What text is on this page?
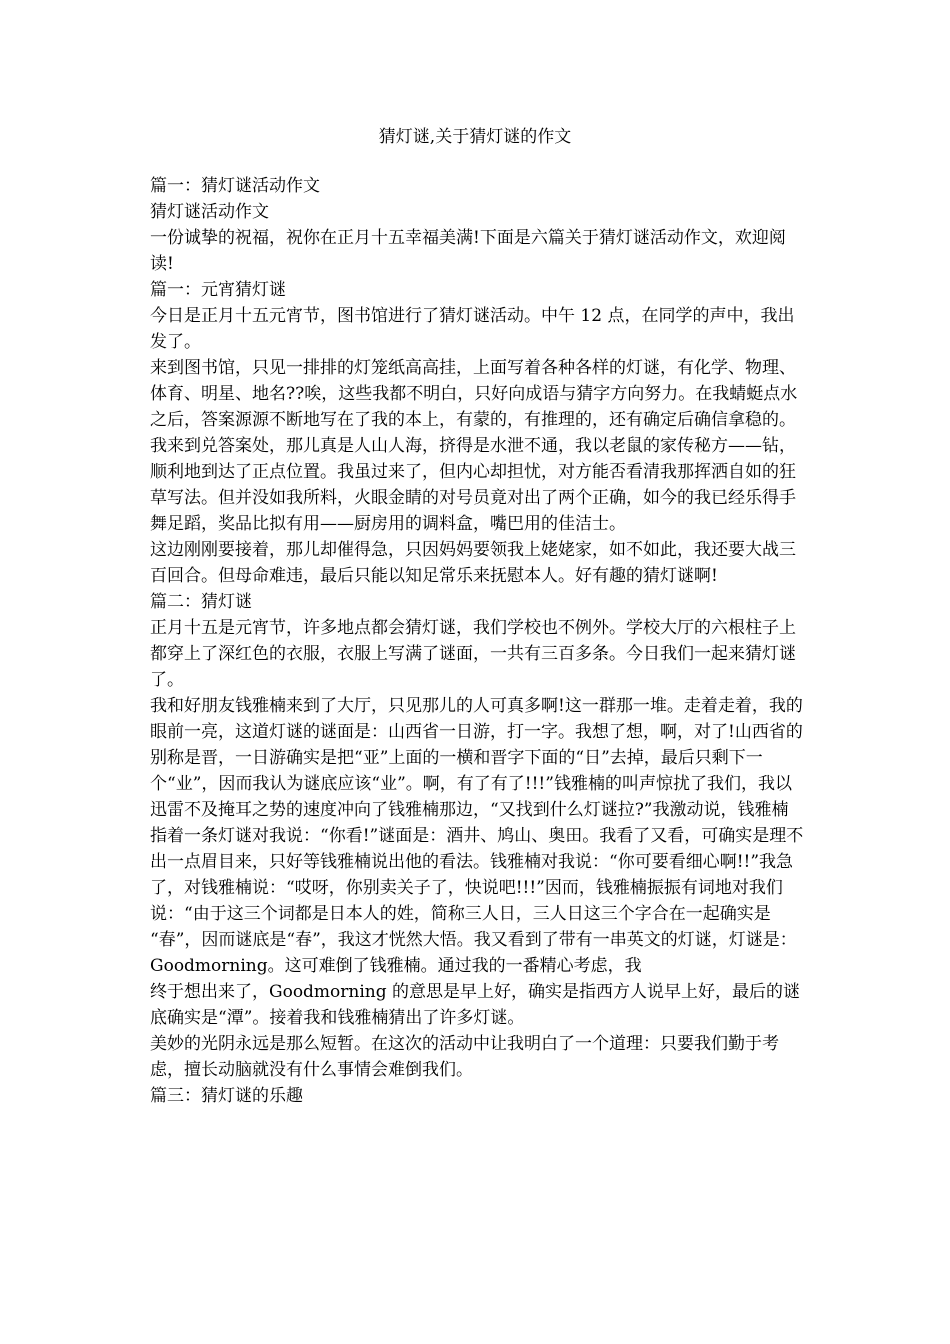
猜灯谜,关于猜灯谜的作文

篇一：猜灯谜活动作文

猜灯谜活动作文

一份诚挚的祝福，祝你在正月十五幸福美满!下面是六篇关于猜灯谜活动作文，欢迎阅读!

篇一：元宵猜灯谜

今日是正月十五元宵节，图书馆进行了猜灯谜活动。中午 12 点，在同学的声中，我出发了。

来到图书馆，只见一排排的灯笼纸高高挂，上面写着各种各样的灯谜，有化学、物理、体育、明星、地名??唉，这些我都不明白，只好向成语与猜字方向努力。在我蜻蜓点水之后，答案源源不断地写在了我的本上，有蒙的，有推理的，还有确定后确信拿稳的。

我来到兑答案处，那儿真是人山人海，挤得是水泄不通，我以老鼠的家传秘方——钻，顺利地到达了正点位置。我虽过来了，但内心却担忧，对方能否看清我那挥洒自如的狂草写法。但并没如我所料，火眼金睛的对号员竟对出了两个正确，如今的我已经乐得手舞足蹈，奖品比拟有用——厨房用的调料盒，嘴巴用的佳洁士。

这边刚刚要接着，那儿却催得急，只因妈妈要领我上姥姥家，如不如此，我还要大战三百回合。但母命难违，最后只能以知足常乐来抚慰本人。好有趣的猜灯谜啊!

篇二：猜灯谜

正月十五是元宵节，许多地点都会猜灯谜，我们学校也不例外。学校大厅的六根柱子上都穿上了深红色的衣服，衣服上写满了谜面，一共有三百多条。今日我们一起来猜灯谜了。

我和好朋友钱雅楠来到了大厅，只见那儿的人可真多啊!这一群那一堆。走着走着，我的眼前一亮，这道灯谜的谜面是：山西省一日游，打一字。我想了想，啊，对了!山西省的别称是晋，一日游确实是把“亚”上面的一横和晋字下面的“日”去掉，最后只剩下一个“业”，因而我认为谜底应该“业”。啊，有了有了!!!”钱雅楠的叫声惊扰了我们，我以迅雷不及掩耳之势的速度冲向了钱雅楠那边，“又找到什么灯谜拉?”我激动说，钱雅楠指着一条灯谜对我说：“你看!”谜面是：酒井、鸠山、奥田。我看了又看，可确实是理不出一点眉目来，只好等钱雅楠说出他的看法。钱雅楠对我说：“你可要看细心啊!!”我急了，对钱雅楠说：“哎呀，你别卖关子了，快说吧!!!”因而，钱雅楠振振有词地对我们说：“由于这三个词都是日本人的姓，简称三人日，三人日这三个字合在一起确实是 “春”，因而谜底是“春”，我这才恍然大悟。我又看到了带有一串英文的灯谜，灯谜是：Goodmorning。这可难倒了钱雅楠。通过我的一番精心考虑，我

终于想出来了，Goodmorning 的意思是早上好，确实是指西方人说早上好，最后的谜底确实是“潭”。接着我和钱雅楠猜出了许多灯谜。

美妙的光阴永远是那么短暂。在这次的活动中让我明白了一个道理：只要我们勤于考虑，擅长动脑就没有什么事情会难倒我们。

篇三：猜灯谜的乐趣
